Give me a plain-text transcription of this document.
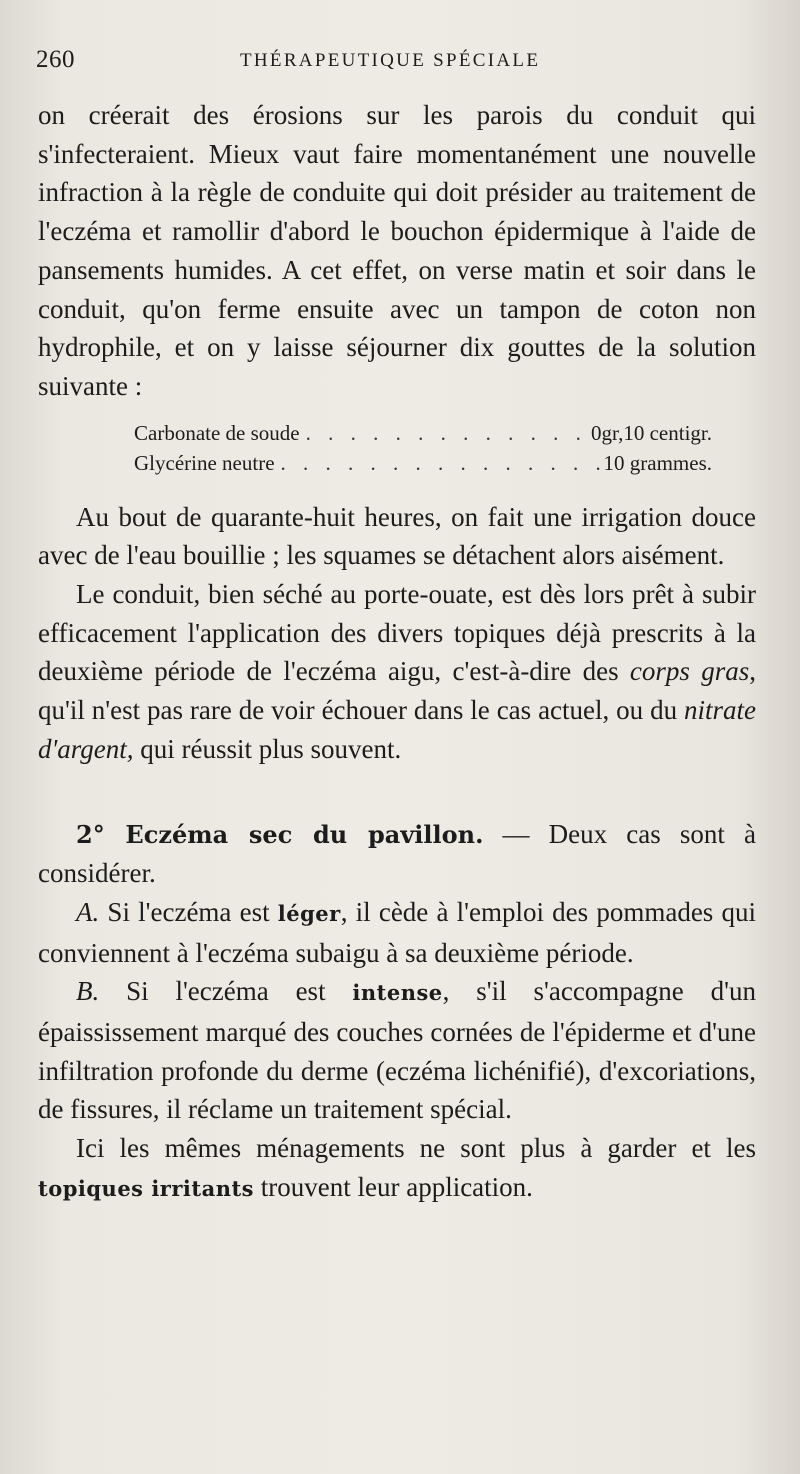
260	THÉRAPEUTIQUE SPÉCIALE

on créerait des érosions sur les parois du conduit qui s'infecteraient. Mieux vaut faire momentanément une nouvelle infraction à la règle de conduite qui doit présider au traitement de l'eczéma et ramollir d'abord le bouchon épidermique à l'aide de pansements humides. A cet effet, on verse matin et soir dans le conduit, qu'on ferme ensuite avec un tampon de coton non hydrophile, et on y laisse séjourner dix gouttes de la solution suivante :

Carbonate de soude . . .	0gr,10 centigr.
Glycérine neutre . . .	10 grammes.

Au bout de quarante-huit heures, on fait une irrigation douce avec de l'eau bouillie ; les squames se détachent alors aisément.

Le conduit, bien séché au porte-ouate, est dès lors prêt à subir efficacement l'application des divers topiques déjà prescrits à la deuxième période de l'eczéma aigu, c'est-à-dire des corps gras, qu'il n'est pas rare de voir échouer dans le cas actuel, ou du nitrate d'argent, qui réussit plus souvent.

2° Eczéma sec du pavillon. — Deux cas sont à considérer.

A. Si l'eczéma est léger, il cède à l'emploi des pommades qui conviennent à l'eczéma subaigu à sa deuxième période.

B. Si l'eczéma est intense, s'il s'accompagne d'un épaississement marqué des couches cornées de l'épiderme et d'une infiltration profonde du derme (eczéma lichénifié), d'excoriations, de fissures, il réclame un traitement spécial.

Ici les mêmes ménagements ne sont plus à garder et les topiques irritants trouvent leur application.
